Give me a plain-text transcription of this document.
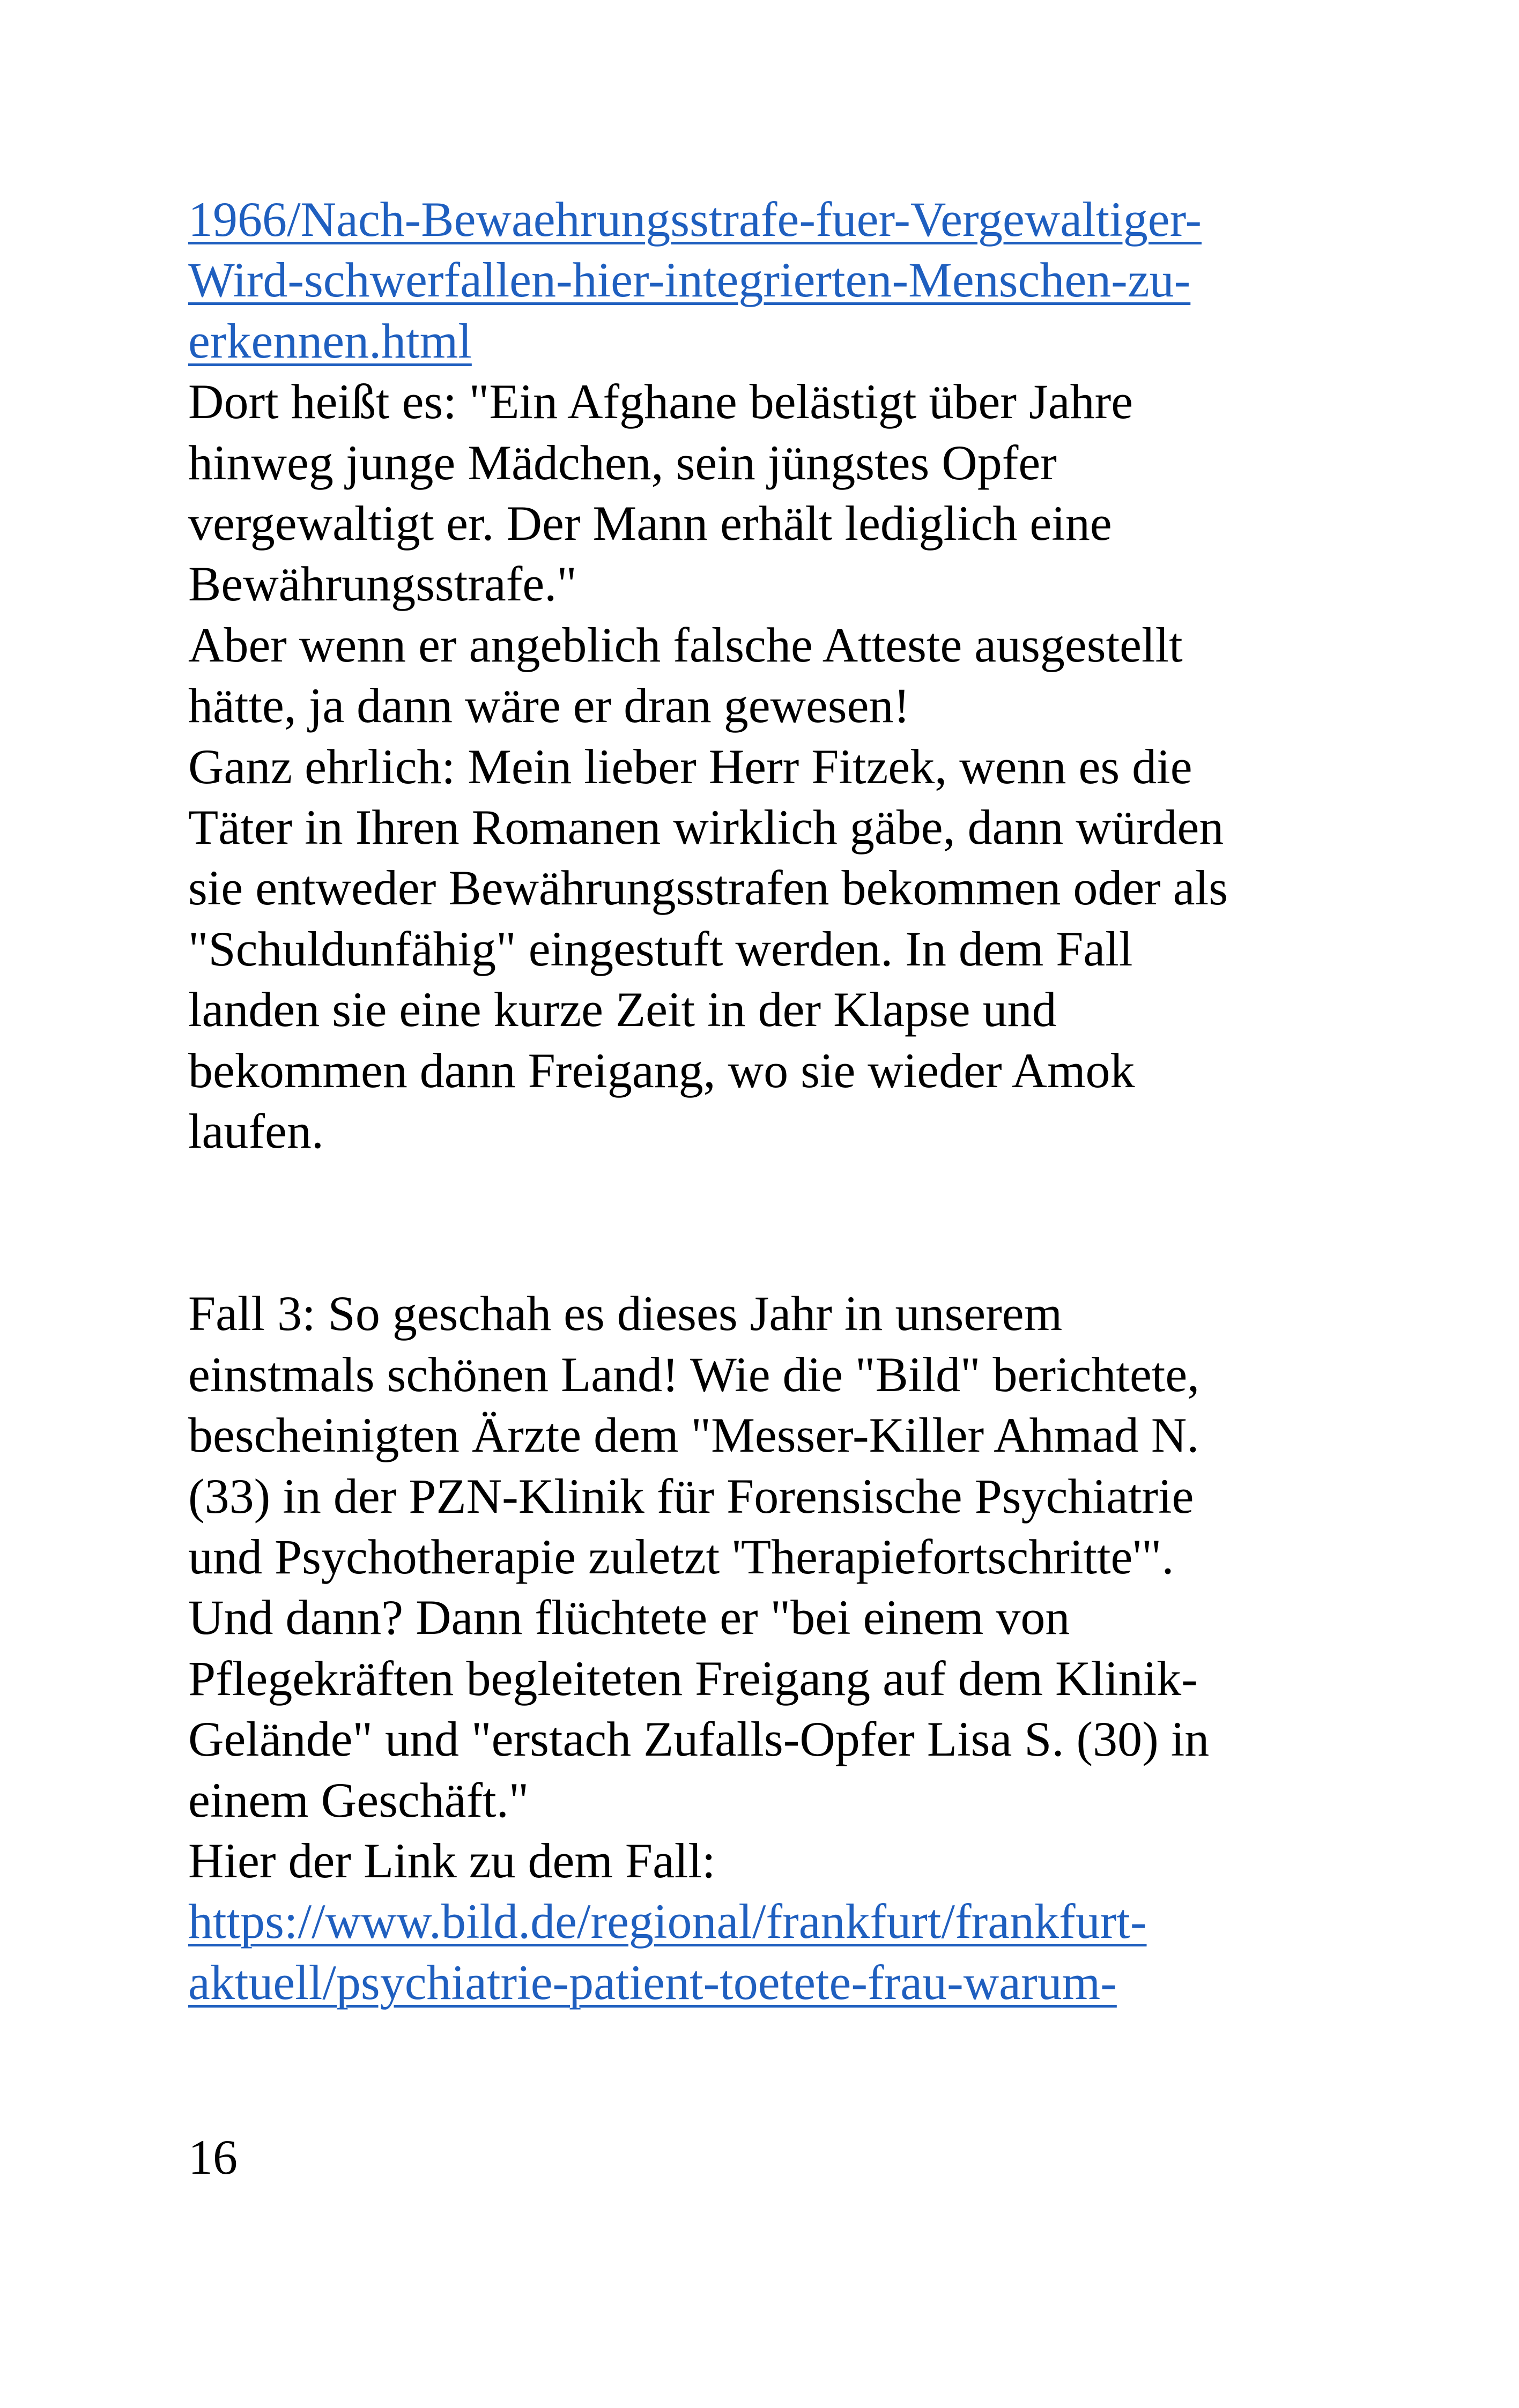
1966/Nach-Bewaehrungsstrafe-fuer-Vergewaltiger-
Wird-schwerfallen-hier-integrierten-Menschen-zu-
erkennen.html
Dort heißt es: "Ein Afghane belästigt über Jahre
hinweg junge Mädchen, sein jüngstes Opfer
vergewaltigt er. Der Mann erhält lediglich eine
Bewährungsstrafe."
Aber wenn er angeblich falsche Atteste ausgestellt
hätte, ja dann wäre er dran gewesen!
Ganz ehrlich: Mein lieber Herr Fitzek, wenn es die
Täter in Ihren Romanen wirklich gäbe, dann würden
sie entweder Bewährungsstrafen bekommen oder als
"Schuldunfähig" eingestuft werden. In dem Fall
landen sie eine kurze Zeit in der Klapse und
bekommen dann Freigang, wo sie wieder Amok
laufen.

Fall 3: So geschah es dieses Jahr in unserem
einstmals schönen Land! Wie die "Bild" berichtete,
bescheinigten Ärzte dem "Messer-Killer Ahmad N.
(33) in der PZN-Klinik für Forensische Psychiatrie
und Psychotherapie zuletzt 'Therapiefortschritte'".
Und dann? Dann flüchtete er "bei einem von
Pflegekräften begleiteten Freigang auf dem Klinik-
Gelände" und "erstach Zufalls-Opfer Lisa S. (30) in
einem Geschäft."
Hier der Link zu dem Fall:
https://www.bild.de/regional/frankfurt/frankfurt-
aktuell/psychiatrie-patient-toetete-frau-warum-
16
